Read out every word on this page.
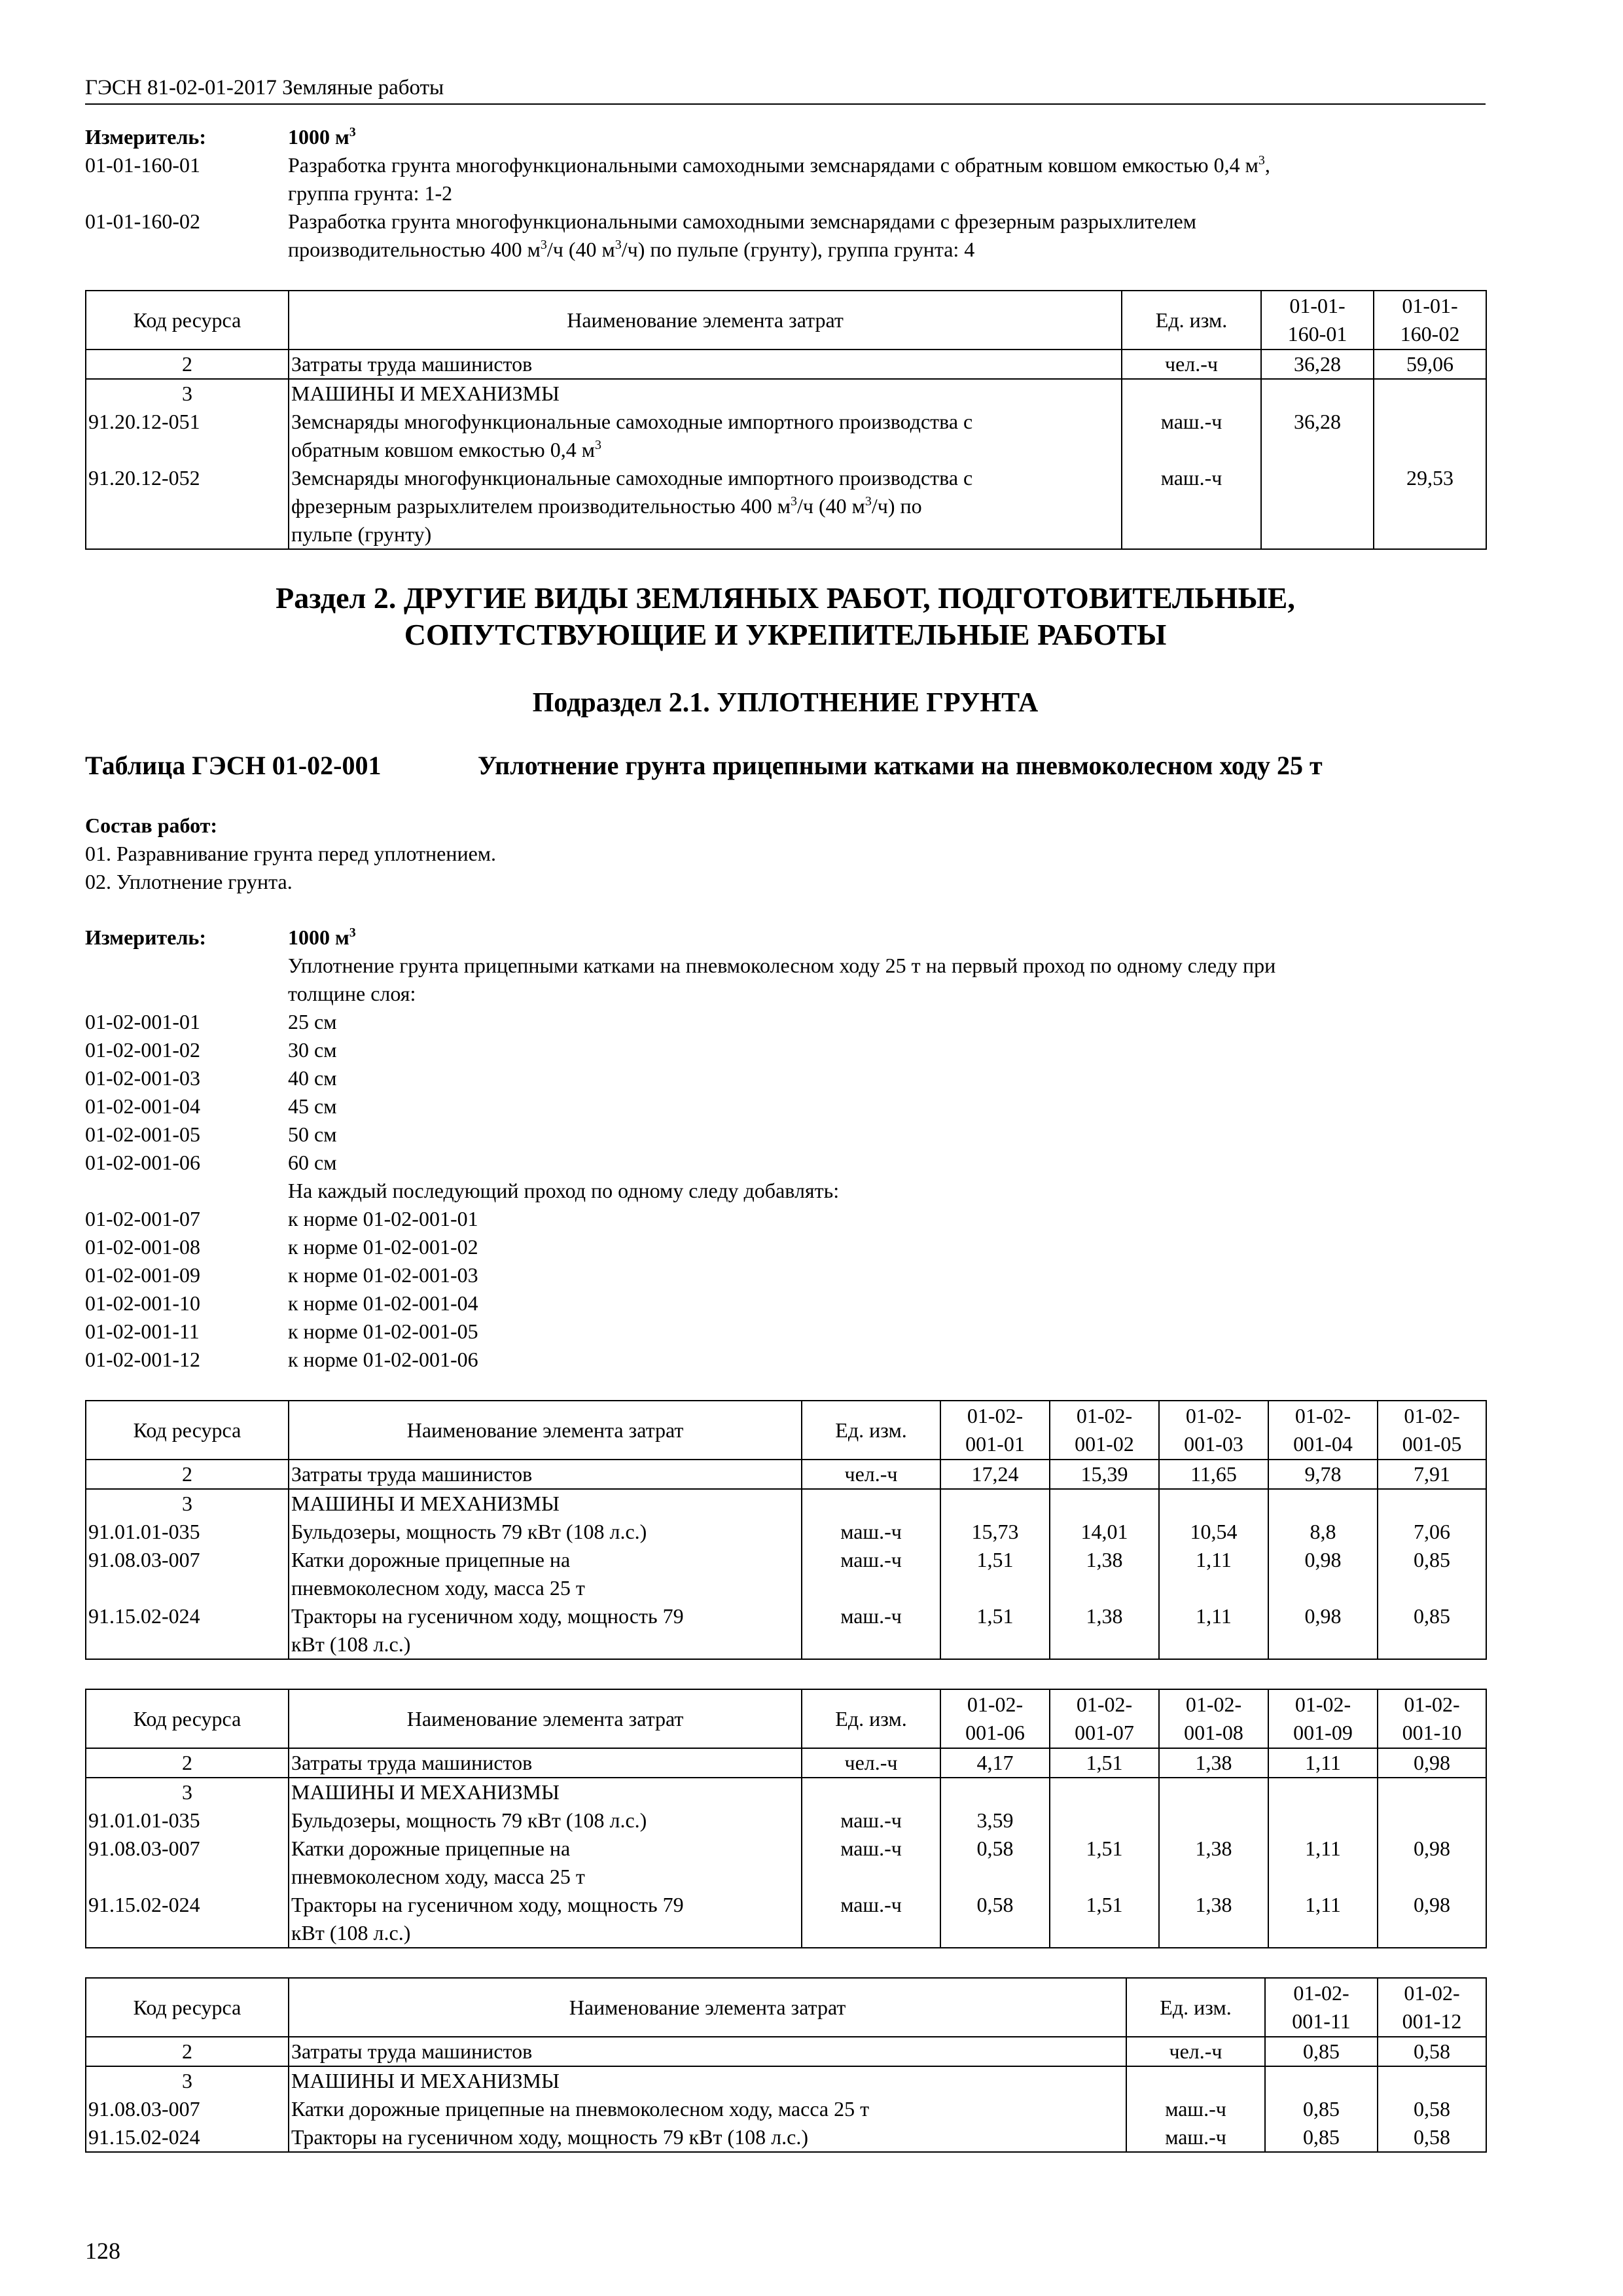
ГЭСН 81-02-01-2017 Земляные работы
Измеритель:	1000 $м^3$
01-01-160-01	Разработка грунта многофункциональными самоходными земснарядами с обратным ковшом емкостью 0,4 $м^3$,
группа грунта: 1-2
01-01-160-02	Разработка грунта многофункциональными самоходными земснарядами с фрезерным разрыхлителем
производительностью 400 $м^3/ч$ (40 $м^3/ч$) по пульпе (грунту), группа грунта: 4
Код ресурса	Наименование элемента затрат	Ед. изм.	01-01-
160-01	01-01-
160-02
2	Затраты труда машинистов	чел.-ч	36,28	59,06
3	МАШИНЫ И МЕХАНИЗМЫ			
91.20.12-051	Земснаряды многофункциональные самоходные импортного производства с
обратным ковшом емкостью 0,4 $м^3$	маш.-ч	36,28	
91.20.12-052	Земснаряды многофункциональные самоходные импортного производства с
фрезерным разрыхлителем производительностью 400 $м^3/ч$ (40 $м^3/ч$) по
пульпе (грунту)	маш.-ч		29,53
Раздел 2. ДРУГИЕ ВИДЫ ЗЕМЛЯНЫХ РАБОТ, ПОДГОТОВИТЕЛЬНЫЕ,
СОПУТСТВУЮЩИЕ И УКРЕПИТЕЛЬНЫЕ РАБОТЫ
Подраздел 2.1. УПЛОТНЕНИЕ ГРУНТА
Таблица ГЭСН 01-02-001	Уплотнение грунта прицепными катками на пневмоколесном ходу 25 т
Состав работ:
01. Разравнивание грунта перед уплотнением.
02. Уплотнение грунта.
Измеритель:	1000 $м^3$
Уплотнение грунта прицепными катками на пневмоколесном ходу 25 т на первый проход по одному следу при
толщине слоя:
01-02-001-01	25 см
01-02-001-02	30 см
01-02-001-03	40 см
01-02-001-04	45 см
01-02-001-05	50 см
01-02-001-06	60 см
На каждый последующий проход по одному следу добавлять:
01-02-001-07	к норме 01-02-001-01
01-02-001-08	к норме 01-02-001-02
01-02-001-09	к норме 01-02-001-03
01-02-001-10	к норме 01-02-001-04
01-02-001-11	к норме 01-02-001-05
01-02-001-12	к норме 01-02-001-06
Код ресурса	Наименование элемента затрат	Ед. изм.	01-02-
001-01	01-02-
001-02	01-02-
001-03	01-02-
001-04	01-02-
001-05
2	Затраты труда машинистов	чел.-ч	17,24	15,39	11,65	9,78	7,91
3	МАШИНЫ И МЕХАНИЗМЫ						
91.01.01-035	Бульдозеры, мощность 79 кВт (108 л.с.)	маш.-ч	15,73	14,01	10,54	8,8	7,06
91.08.03-007	Катки дорожные прицепные на
пневмоколесном ходу, масса 25 т	маш.-ч	1,51	1,38	1,11	0,98	0,85
91.15.02-024	Тракторы на гусеничном ходу, мощность 79
кВт (108 л.с.)	маш.-ч	1,51	1,38	1,11	0,98	0,85
Код ресурса	Наименование элемента затрат	Ед. изм.	01-02-
001-06	01-02-
001-07	01-02-
001-08	01-02-
001-09	01-02-
001-10
2	Затраты труда машинистов	чел.-ч	4,17	1,51	1,38	1,11	0,98
3	МАШИНЫ И МЕХАНИЗМЫ						
91.01.01-035	Бульдозеры, мощность 79 кВт (108 л.с.)	маш.-ч	3,59				
91.08.03-007	Катки дорожные прицепные на
пневмоколесном ходу, масса 25 т	маш.-ч	0,58	1,51	1,38	1,11	0,98
91.15.02-024	Тракторы на гусеничном ходу, мощность 79
кВт (108 л.с.)	маш.-ч	0,58	1,51	1,38	1,11	0,98
Код ресурса	Наименование элемента затрат	Ед. изм.	01-02-
001-11	01-02-
001-12
2	Затраты труда машинистов	чел.-ч	0,85	0,58
3	МАШИНЫ И МЕХАНИЗМЫ			
91.08.03-007	Катки дорожные прицепные на пневмоколесном ходу, масса 25 т	маш.-ч	0,85	0,58
91.15.02-024	Тракторы на гусеничном ходу, мощность 79 кВт (108 л.с.)	маш.-ч	0,85	0,58
128
